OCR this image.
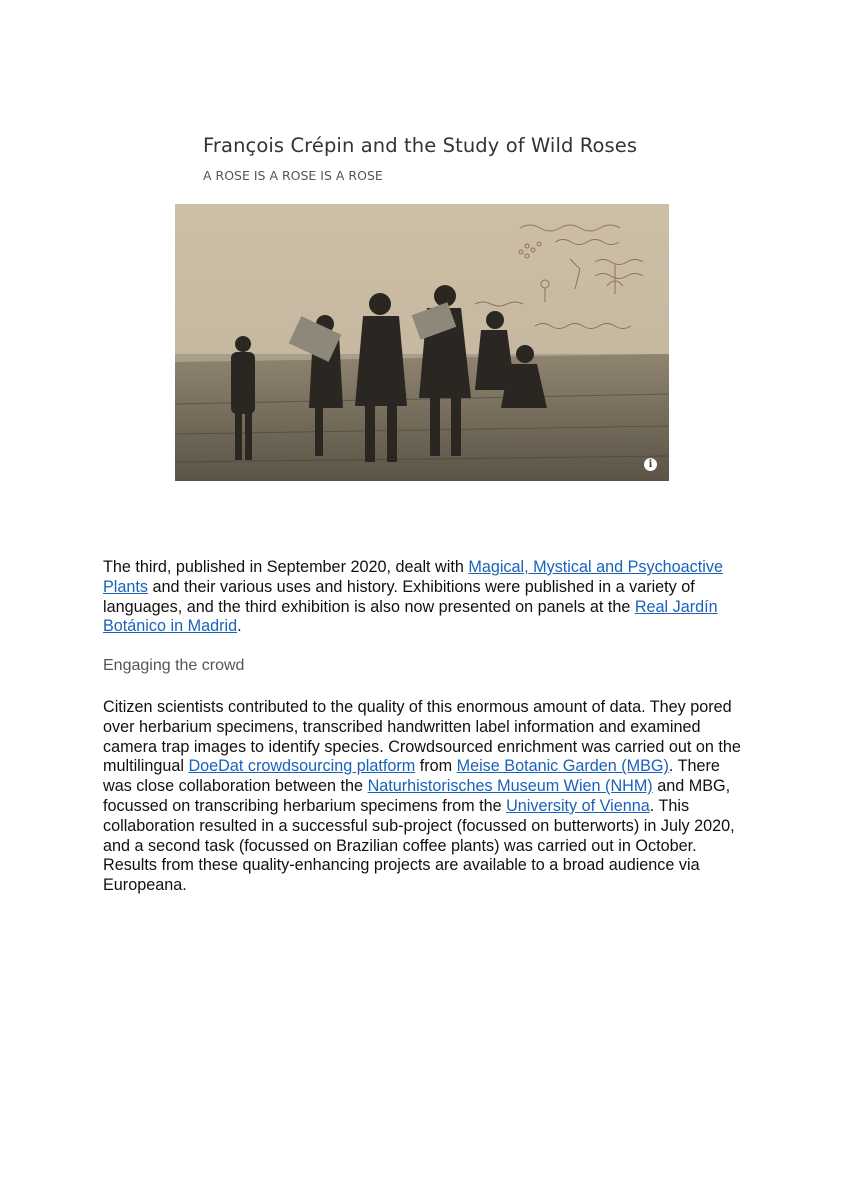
François Crépin and the Study of Wild Roses
A ROSE IS A ROSE IS A ROSE
i

The third, published in September 2020, dealt with Magical, Mystical and Psychoactive Plants and their various uses and history. Exhibitions were published in a variety of languages, and the third exhibition is also now presented on panels at the Real Jardín Botánico in Madrid.

Engaging the crowd

Citizen scientists contributed to the quality of this enormous amount of data. They pored over herbarium specimens, transcribed handwritten label information and examined camera trap images to identify species. Crowdsourced enrichment was carried out on the multilingual DoeDat crowdsourcing platform from Meise Botanic Garden (MBG). There was close collaboration between the Naturhistorisches Museum Wien (NHM) and MBG, focussed on transcribing herbarium specimens from the University of Vienna. This collaboration resulted in a successful sub-project (focussed on butterworts) in July 2020, and a second task (focussed on Brazilian coffee plants) was carried out in October. Results from these quality-enhancing projects are available to a broad audience via Europeana.
